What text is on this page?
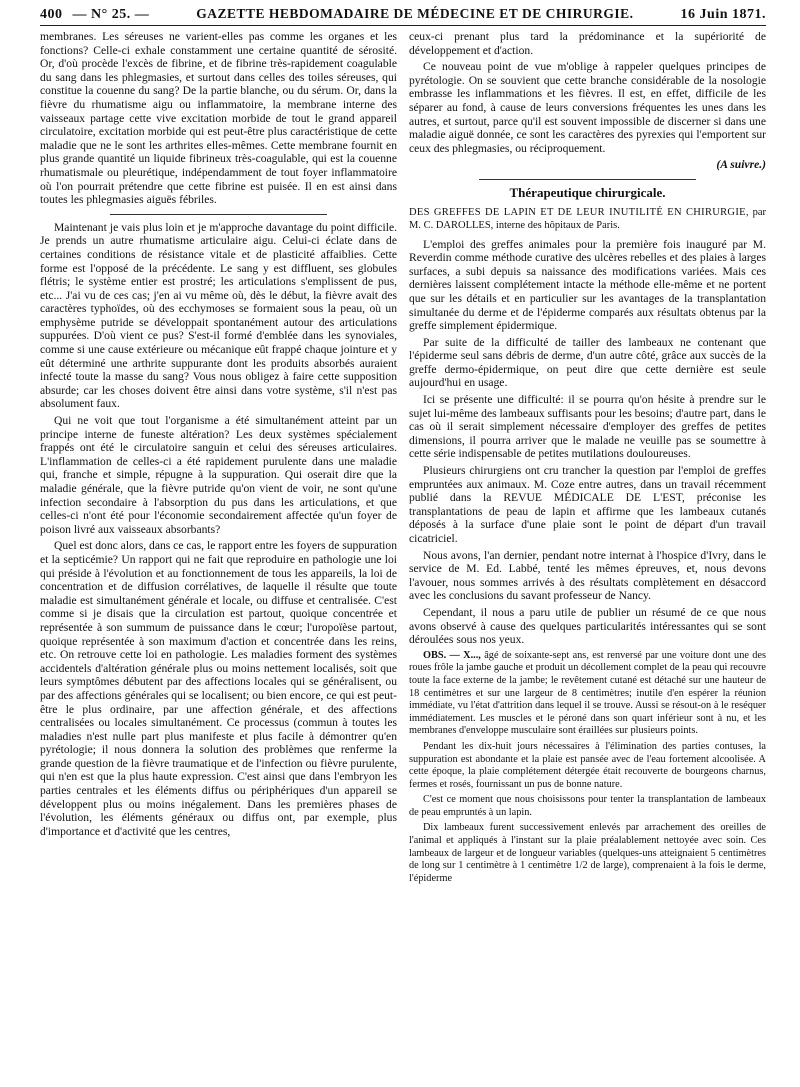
400 — N° 25. —	GAZETTE HEBDOMADAIRE DE MÉDECINE ET DE CHIRURGIE.	16 Juin 1871.

membranes. Les séreuses ne varient-elles pas comme les organes et les fonctions? Celle-ci exhale constamment une certaine quantité de sérosité. Or, d'où procède l'excès de fibrine, et de fibrine très-rapidement coagulable du sang dans les phlegmasies, et surtout dans celles des toiles séreuses, qui constitue la couenne du sang? De la partie blanche, ou du sérum. Or, dans la fièvre du rhumatisme aigu ou inflammatoire, la membrane interne des vaisseaux partage cette vive excitation morbide de tout le grand appareil circulatoire, excitation morbide qui est peut-être plus caractéristique de cette maladie que ne le sont les arthrites elles-mêmes. Cette membrane fournit en plus grande quantité un liquide fibrineux très-coagulable, qui est la couenne rhumatismale ou pleurétique, indépendamment de tout foyer inflammatoire où l'on pourrait prétendre que cette fibrine est puisée. Il en est ainsi dans toutes les phlegmasies aiguës fébriles.

Maintenant je vais plus loin et je m'approche davantage du point difficile. Je prends un autre rhumatisme articulaire aigu. Celui-ci éclate dans de certaines conditions de résistance vitale et de plasticité affaiblies. Cette forme est l'opposé de la précédente. Le sang y est diffluent, ses globules flétris; le système entier est prostré; les articulations s'emplissent de pus, etc... J'ai vu de ces cas; j'en ai vu même où, dès le début, la fièvre avait des caractères typhoïdes, où des ecchymoses se formaient sous la peau, où un emphysème putride se développait spontanément autour des articulations suppurées. D'où vient ce pus? S'est-il formé d'emblée dans les synoviales, comme si une cause extérieure ou mécanique eût frappé chaque jointure et y eût déterminé une arthrite suppurante dont les produits absorbés auraient infecté toute la masse du sang? Vous nous obligez à faire cette supposition absurde; car les choses doivent être ainsi dans votre système, s'il n'est pas absolument faux.

Qui ne voit que tout l'organisme a été simultanément atteint par un principe interne de funeste altération? Les deux systèmes spécialement frappés ont été le circulatoire sanguin et celui des séreuses articulaires. L'inflammation de celles-ci a été rapidement purulente dans une maladie qui, franche et simple, répugne à la suppuration. Qui oserait dire que la maladie générale, que la fièvre putride qu'on vient de voir, ne sont qu'une infection secondaire à l'absorption du pus dans les articulations, et que celles-ci n'ont été pour l'économie secondairement affectée qu'un foyer de poison livré aux vaisseaux absorbants?

Quel est donc alors, dans ce cas, le rapport entre les foyers de suppuration et la septicémie? Un rapport qui ne fait que reproduire en pathologie une loi qui préside à l'évolution et au fonctionnement de tous les appareils, la loi de concentration et de diffusion corrélatives, de laquelle il résulte que toute maladie est simultanément générale et locale, ou diffuse et centralisée. C'est comme si je disais que la circulation est partout, quoique concentrée et représentée à son summum de puissance dans le cœur; l'uropoïèse partout, quoique représentée à son maximum d'action et concentrée dans les reins, etc. On retrouve cette loi en pathologie. Les maladies forment des systèmes accidentels d'altération générale plus ou moins nettement localisés, soit que leurs symptômes débutent par des affections locales qui se généralisent, ou par des affections générales qui se localisent; ou bien encore, ce qui est peut-être le plus ordinaire, par une affection générale, et des affections centralisées ou locales simultanément. Ce processus (commun à toutes les maladies n'est nulle part plus manifeste et plus facile à démontrer qu'en pyrétologie; il nous donnera la solution des problèmes que renferme la grande question de la fièvre traumatique et de l'infection ou fièvre purulente, qui n'en est que la plus haute expression. C'est ainsi que dans l'embryon les parties centrales et les éléments diffus ou périphériques d'un appareil se développent plus ou moins inégalement. Dans les premières phases de l'évolution, les éléments généraux ou diffus ont, par exemple, plus d'importance et d'activité que les centres,

ceux-ci prenant plus tard la prédominance et la supériorité de développement et d'action.

Ce nouveau point de vue m'oblige à rappeler quelques principes de pyrétologie. On se souvient que cette branche considérable de la nosologie embrasse les inflammations et les fièvres. Il est, en effet, difficile de les séparer au fond, à cause de leurs conversions fréquentes les unes dans les autres, et surtout, parce qu'il est souvent impossible de discerner si dans une maladie aiguë donnée, ce sont les caractères des pyrexies qui l'emportent sur ceux des phlegmasies, ou réciproquement.

(A suivre.)
Thérapeutique chirurgicale.
DES GREFFES DE LAPIN ET DE LEUR INUTILITÉ EN CHIRURGIE, par M. C. DAROLLES, interne des hôpitaux de Paris.

L'emploi des greffes animales pour la première fois inauguré par M. Reverdin comme méthode curative des ulcères rebelles et des plaies à larges surfaces, a subi depuis sa naissance des modifications variées. Mais ces dernières laissent complétement intacte la méthode elle-même et ne portent que sur les détails et en particulier sur les avantages de la transplantation simultanée du derme et de l'épiderme comparés aux résultats obtenus par la greffe simplement épidermique.

Par suite de la difficulté de tailler des lambeaux ne contenant que l'épiderme seul sans débris de derme, d'un autre côté, grâce aux succès de la greffe dermo-épidermique, on peut dire que cette dernière est seule aujourd'hui en usage.

Ici se présente une difficulté: il se pourra qu'on hésite à prendre sur le sujet lui-même des lambeaux suffisants pour les besoins; d'autre part, dans le cas où il serait simplement nécessaire d'employer des greffes de petites dimensions, il pourra arriver que le malade ne veuille pas se soumettre à cette série indispensable de petites mutilations douloureuses.

Plusieurs chirurgiens ont cru trancher la question par l'emploi de greffes empruntées aux animaux. M. Coze entre autres, dans un travail récemment publié dans la REVUE MÉDICALE DE L'EST, préconise les transplantations de peau de lapin et affirme que les lambeaux cutanés déposés à la surface d'une plaie sont le point de départ d'un travail cicatriciel.

Nous avons, l'an dernier, pendant notre internat à l'hospice d'Ivry, dans le service de M. Ed. Labbé, tenté les mêmes épreuves, et, nous devons l'avouer, nous sommes arrivés à des résultats complètement en désaccord avec les conclusions du savant professeur de Nancy.

Cependant, il nous a paru utile de publier un résumé de ce que nous avons observé à cause des quelques particularités intéressantes qui se sont déroulées sous nos yeux.

OBS. — X..., âgé de soixante-sept ans, est renversé par une voiture dont une des roues frôle la jambe gauche et produit un décollement complet de la peau qui recouvre toute la face externe de la jambe; le revêtement cutané est détaché sur une hauteur de 18 centimètres et sur une largeur de 8 centimètres; inutile d'en espérer la réunion immédiate, vu l'état d'attrition dans lequel il se trouve. Aussi se résout-on à le reséquer immédiatement. Les muscles et le péroné dans son quart inférieur sont à nu, et les membranes d'enveloppe musculaire sont éraillées sur plusieurs points.

Pendant les dix-huit jours nécessaires à l'élimination des parties contuses, la suppuration est abondante et la plaie est pansée avec de l'eau fortement alcoolisée. A cette époque, la plaie complétement détergée était recouverte de bourgeons charnus, fermes et rosés, fournissant un pus de bonne nature.

C'est ce moment que nous choisissons pour tenter la transplantation de lambeaux de peau empruntés à un lapin.

Dix lambeaux furent successivement enlevés par arrachement des oreilles de l'animal et appliqués à l'instant sur la plaie préalablement nettoyée avec soin. Ces lambeaux de largeur et de longueur variables (quelques-uns atteignaient 5 centimètres de long sur 1 centimètre à 1 centimètre 1/2 de large), comprenaient à la fois le derme, l'épiderme
